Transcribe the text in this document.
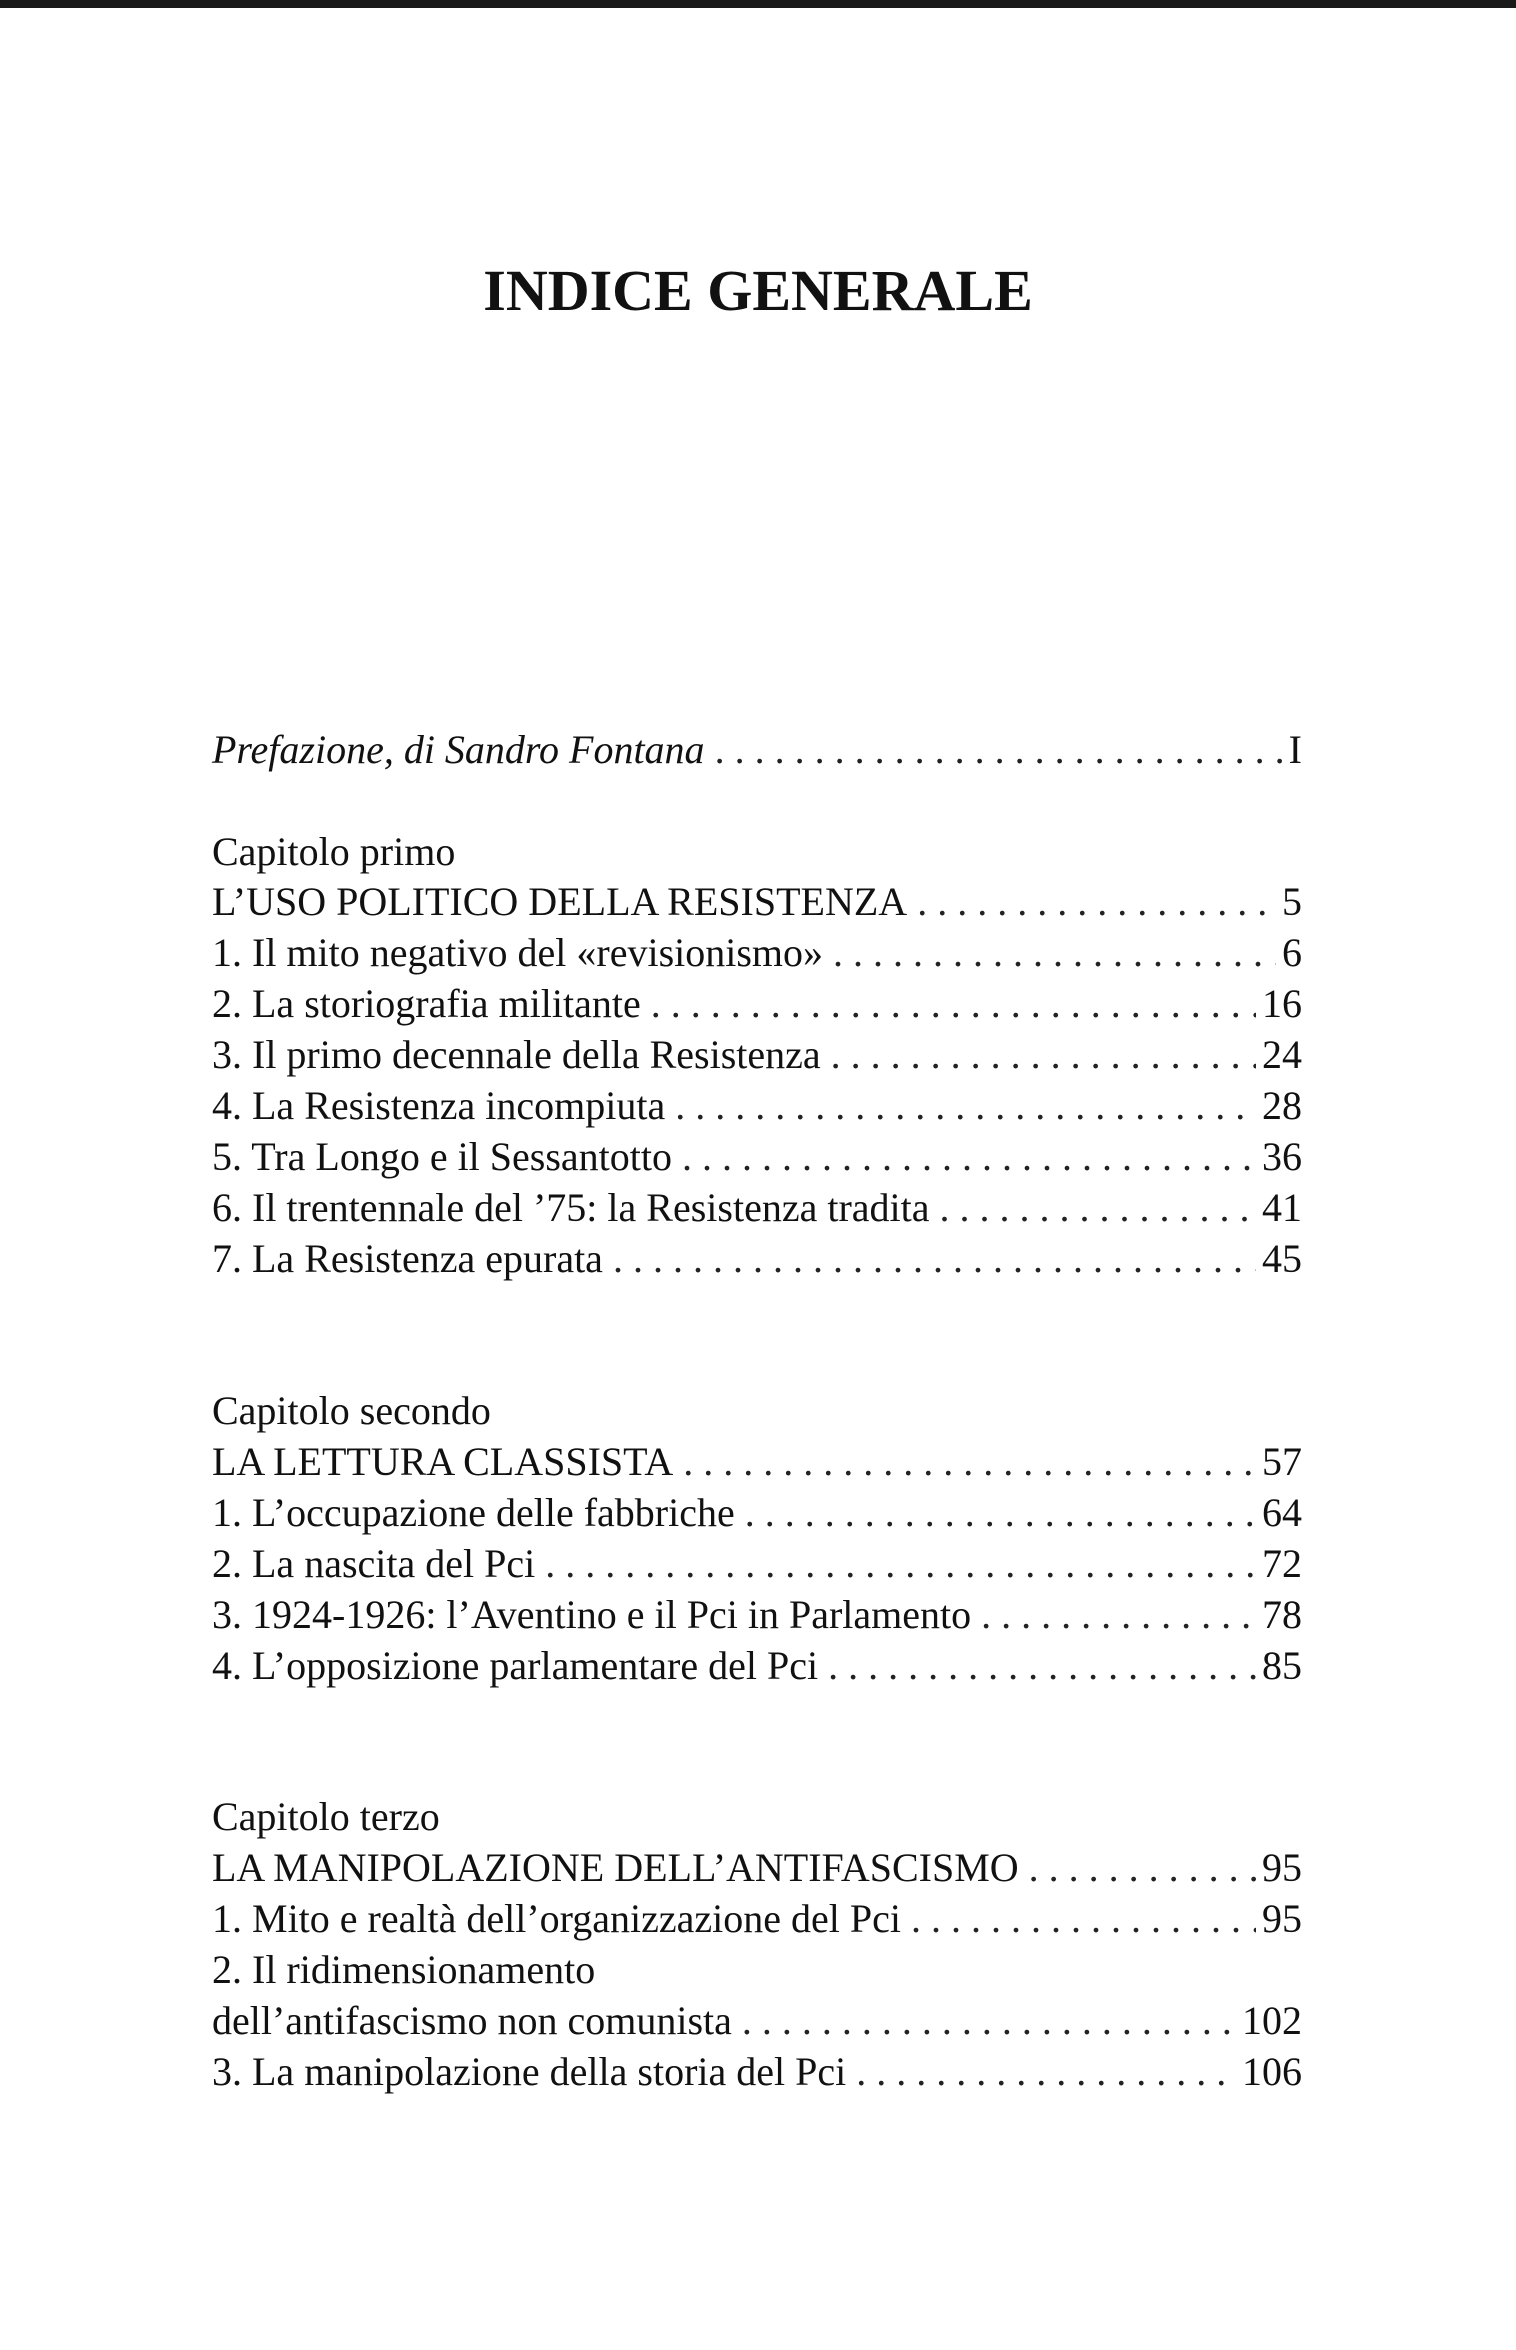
INDICE GENERALE
Prefazione, di Sandro Fontana . . .	I
Capitolo primo
L’USO POLITICO DELLA RESISTENZA . . .	5
1. Il mito negativo del «revisionismo» . . .	6
2. La storiografia militante . . .	16
3. Il primo decennale della Resistenza . . .	24
4. La Resistenza incompiuta . . .	28
5. Tra Longo e il Sessantotto . . .	36
6. Il trentennale del ’75: la Resistenza tradita . . .	41
7. La Resistenza epurata . . .	45
Capitolo secondo
LA LETTURA CLASSISTA . . .	57
1. L’occupazione delle fabbriche . . .	64
2. La nascita del Pci . . .	72
3. 1924-1926: l’Aventino e il Pci in Parlamento . . .	78
4. L’opposizione parlamentare del Pci . . .	85
Capitolo terzo
LA MANIPOLAZIONE DELL’ANTIFASCISMO . . .	95
1. Mito e realtà dell’organizzazione del Pci . . .	95
2. Il ridimensionamento
dell’antifascismo non comunista . . .	102
3. La manipolazione della storia del Pci . . .	106
